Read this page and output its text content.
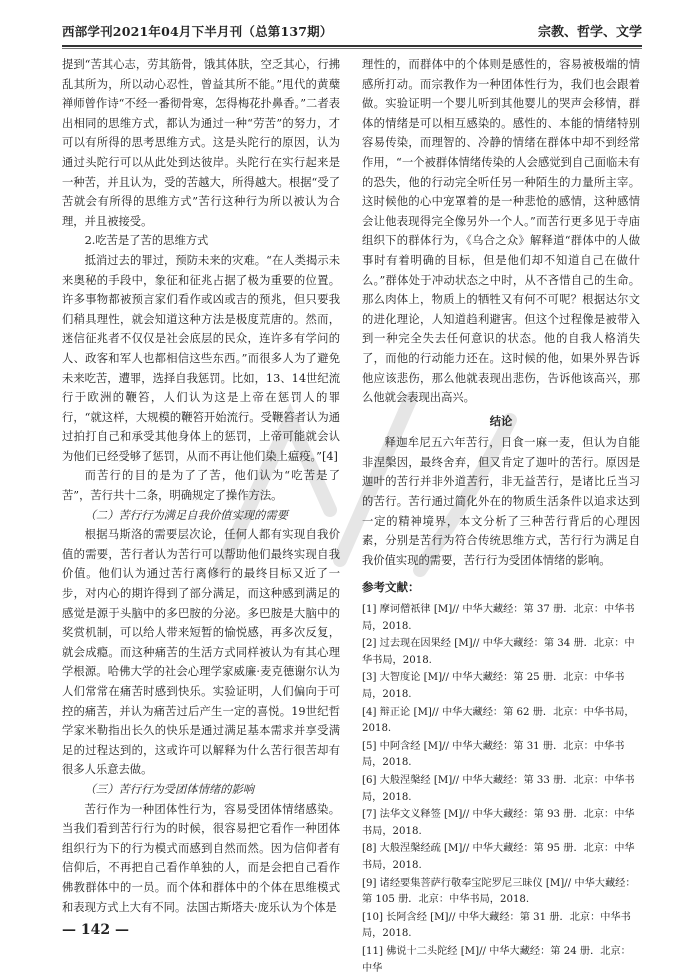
西部学刊2021年04月下半月刊（总第137期）	宗教、哲学、文学

提到“苦其心志，劳其筋骨，饿其体肤，空乏其心，行拂乱其所为，所以动心忍性，曾益其所不能。”甩代的黄蘖禅师曾作诗“不经一番彻骨寒，怎得梅花扑鼻香。”二者表出相同的思维方式，都认为通过一种“劳苦”的努力，才可以有所得的思考思维方式。这是头陀行的原因，认为通过头陀行可以从此处到达彼岸。头陀行在实行起来是一种苦，并且认为，受的苦越大，所得越大。根据“受了苦就会有所得的思维方式”苦行这种行为所以被认为合理，并且被接受。

2.吃苦是了苦的思维方式

抵消过去的罪过，预防未来的灾难。“在人类揭示未来奥秘的手段中，象征和征兆占据了极为重要的位置。许多事物都被预言家们看作或凶或吉的预兆，但只要我们稍具理性，就会知道这种方法是极度荒唐的。然而，迷信征兆者不仅仅是社会底层的民众，连许多有学问的人、政客和军人也都相信这些东西。”而很多人为了避免未来吃苦，遭罪，选择自我惩罚。比如，13、14世纪流行于欧洲的鞭笞，人们认为这是上帝在惩罚人的罪行，“就这样，大规模的鞭笞开始流行。受鞭笞者认为通过拍打自己和承受其他身体上的惩罚，上帝可能就会认为他们已经受够了惩罚，从而不再让他们染上瘟疫。”[4]

而苦行的目的是为了了苦，他们认为“吃苦是了苦”，苦行共十二条，明确规定了操作方法。

（二）苦行行为满足自我价值实现的需要

根据马斯洛的需要层次论，任何人都有实现自我价值的需要，苦行者认为苦行可以帮助他们最终实现自我价值。他们认为通过苦行离修行的最终目标又近了一步，对内心的期许得到了部分满足，而这种感到满足的感觉是源于头脑中的多巴胺的分泌。多巴胺是大脑中的奖赏机制，可以给人带来短暂的愉悦感，再多次反复，就会成瘾。而这种痛苦的生活方式同样被认为有其心理学根源。哈佛大学的社会心理学家威廉·麦克德谢尔认为人们常常在痛苦时感到快乐。实验证明，人们偏向于可控的痛苦，并认为痛苦过后产生一定的喜悦。19世纪哲学家米勒指出长久的快乐是通过满足基本需求并享受满足的过程达到的，这或许可以解释为什么苦行很苦却有很多人乐意去做。

（三）苦行行为受团体情绪的影响

苦行作为一种团体性行为，容易受团体情绪感染。当我们看到苦行行为的时候，很容易把它看作一种团体组织行为下的行为模式而感到自然而然。因为信仰者有信仰后，不再把自己看作单独的人，而是会把自己看作佛教群体中的一员。而个体和群体中的个体在思维模式和表现方式上大有不同。法国古斯塔夫·庞乐认为个体是

理性的，而群体中的个体则是感性的，容易被极端的情感所打动。而宗教作为一种团体性行为，我们也会跟着做。实验证明一个婴儿听到其他婴儿的哭声会移情，群体的情绪是可以相互感染的。感性的、本能的情绪特别容易传染，而理智的、冷静的情绪在群体中却不到经常作用，“一个被群体情绪传染的人会感觉到自己面临未有的恐失，他的行动完全听任另一种陌生的力量所主宰。这时候他的心中宠罩着的是一种悲怆的感情，这种感情会让他表现得完全像另外一个人。”而苦行更多见于寺庙组织下的群体行为，《乌合之众》解释道“群体中的人做事时有着明确的目标，但是他们却不知道自己在做什么。”群体处于冲动状态之中时，从不吝惜自己的生命。那么肉体上，物质上的牺牲又有何不可呢？根据达尔文的进化理论，人知道趋利避害。但这个过程像是被带入到一种完全失去任何意识的状态。他的自我人格消失了，而他的行动能力还在。这时候的他，如果外界告诉他应该悲伤，那么他就表现出悲伤，告诉他该高兴，那么他就会表现出高兴。

结论

释迦牟尼五六年苦行，日食一麻一麦，但认为自能非涅槃因，最终舍弃，但又肯定了迦叶的苦行。原因是迦叶的苦行并非外道苦行，非无益苦行，是诸比丘当习的苦行。苦行通过简化外在的物质生活条件以追求达到一定的精神境界，本文分析了三种苦行背后的心理因素，分别是苦行为符合传统思维方式，苦行行为满足自我价值实现的需要，苦行行为受团体情绪的影响。

参考文献：
[1] 摩诃僧祇律 [M]// 中华大藏经：第 37 册．北京：中华书局，2018.
[2] 过去现在因果经 [M]// 中华大藏经：第 34 册．北京：中华书局，2018.
[3] 大智度论 [M]// 中华大藏经：第 25 册．北京：中华书局，2018.
[4] 辩正论 [M]// 中华大藏经：第 62 册．北京：中华书局，2018.
[5] 中阿含经 [M]// 中华大藏经：第 31 册．北京：中华书局，2018.
[6] 大般涅槃经 [M]// 中华大藏经：第 33 册．北京：中华书局，2018.
[7] 法华文义释签 [M]// 中华大藏经：第 93 册．北京：中华书局，2018.
[8] 大般涅槃经疏 [M]// 中华大藏经：第 95 册．北京：中华书局，2018.
[9] 诸经要集菩萨行敬奉宝陀罗尼三昧仪 [M]// 中华大藏经：第 105 册．北京：中华书局，2018.
[10] 长阿含经 [M]// 中华大藏经：第 31 册．北京：中华书局，2018.
[11] 佛说十二头陀经 [M]// 中华大藏经：第 24 册．北京：中华
— 142 —
